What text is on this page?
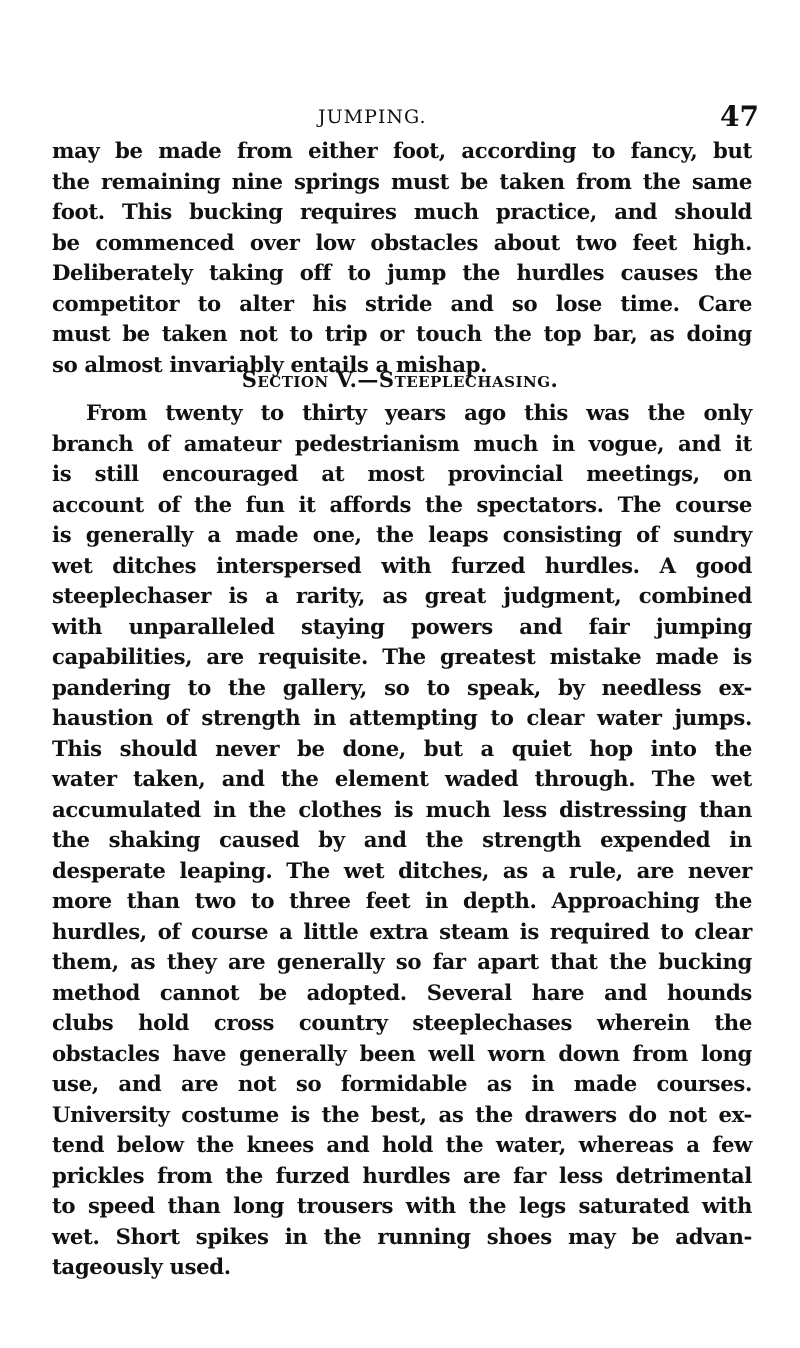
JUMPING.	47
may be made from either foot, according to fancy, but
the remaining nine springs must be taken from the same
foot. This bucking requires much practice, and should
be commenced over low obstacles about two feet high.
Deliberately taking off to jump the hurdles causes the
competitor to alter his stride and so lose time. Care
must be taken not to trip or touch the top bar, as doing
so almost invariably entails a mishap.
Section V.—Steeplechasing.
From twenty to thirty years ago this was the only
branch of amateur pedestrianism much in vogue, and it
is still encouraged at most provincial meetings, on
account of the fun it affords the spectators. The course
is generally a made one, the leaps consisting of sundry
wet ditches interspersed with furzed hurdles. A good
steeplechaser is a rarity, as great judgment, combined
with unparalleled staying powers and fair jumping
capabilities, are requisite. The greatest mistake made is
pandering to the gallery, so to speak, by needless ex-
haustion of strength in attempting to clear water jumps.
This should never be done, but a quiet hop into the
water taken, and the element waded through. The wet
accumulated in the clothes is much less distressing than
the shaking caused by and the strength expended in
desperate leaping. The wet ditches, as a rule, are never
more than two to three feet in depth. Approaching the
hurdles, of course a little extra steam is required to clear
them, as they are generally so far apart that the bucking
method cannot be adopted. Several hare and hounds
clubs hold cross country steeplechases wherein the
obstacles have generally been well worn down from long
use, and are not so formidable as in made courses.
University costume is the best, as the drawers do not ex-
tend below the knees and hold the water, whereas a few
prickles from the furzed hurdles are far less detrimental
to speed than long trousers with the legs saturated with
wet. Short spikes in the running shoes may be advan-
tageously used.
